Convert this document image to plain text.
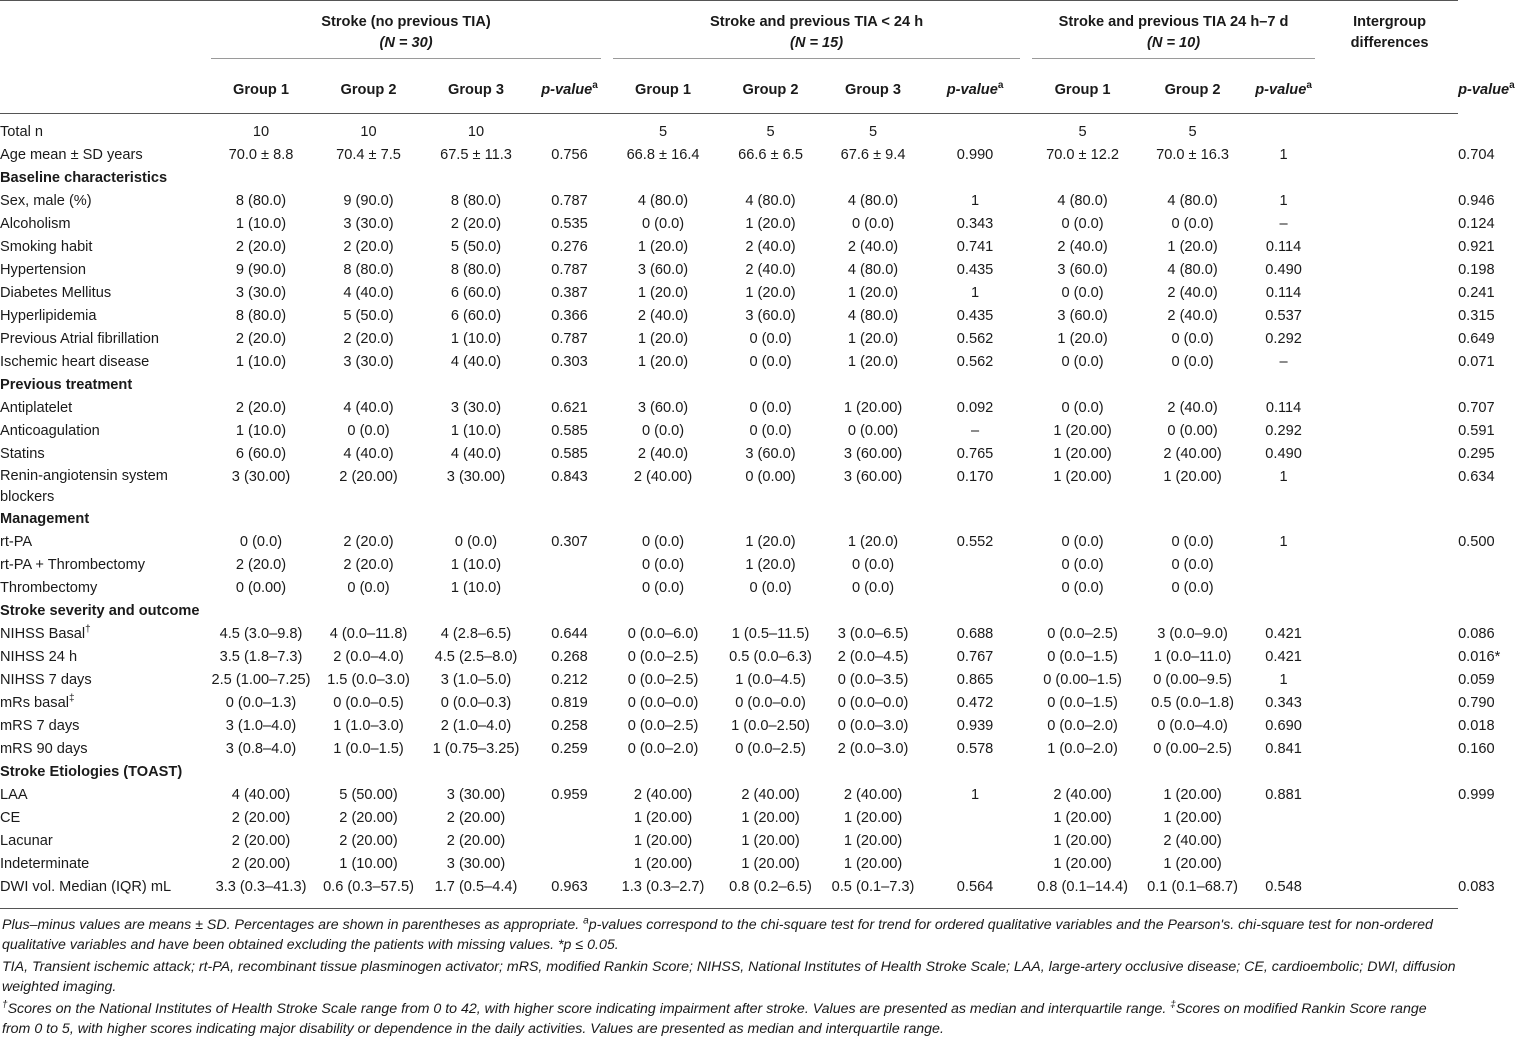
	Stroke (no previous TIA)
(N = 30)				Stroke and previous TIA < 24 h
(N = 15)				Stroke and previous TIA 24 h–7 d
(N = 10)			Intergroup
differences	
	Group 1	Group 2	Group 3	p-value$^a$	Group 1	Group 2	Group 3	p-value$^a$	Group 1	Group 2	p-value$^a$		p-value$^a$
Total n	10	10	10		5	5	5		5	5			
Age mean ± SD years	70.0 ± 8.8	70.4 ± 7.5	67.5 ± 11.3	0.756	66.8 ± 16.4	66.6 ± 6.5	67.6 ± 9.4	0.990	70.0 ± 12.2	70.0 ± 16.3	1		0.704
Baseline characteristics													
Sex, male (%)	8 (80.0)	9 (90.0)	8 (80.0)	0.787	4 (80.0)	4 (80.0)	4 (80.0)	1	4 (80.0)	4 (80.0)	1		0.946
Alcoholism	1 (10.0)	3 (30.0)	2 (20.0)	0.535	0 (0.0)	1 (20.0)	0 (0.0)	0.343	0 (0.0)	0 (0.0)	–		0.124
Smoking habit	2 (20.0)	2 (20.0)	5 (50.0)	0.276	1 (20.0)	2 (40.0)	2 (40.0)	0.741	2 (40.0)	1 (20.0)	0.114		0.921
Hypertension	9 (90.0)	8 (80.0)	8 (80.0)	0.787	3 (60.0)	2 (40.0)	4 (80.0)	0.435	3 (60.0)	4 (80.0)	0.490		0.198
Diabetes Mellitus	3 (30.0)	4 (40.0)	6 (60.0)	0.387	1 (20.0)	1 (20.0)	1 (20.0)	1	0 (0.0)	2 (40.0)	0.114		0.241
Hyperlipidemia	8 (80.0)	5 (50.0)	6 (60.0)	0.366	2 (40.0)	3 (60.0)	4 (80.0)	0.435	3 (60.0)	2 (40.0)	0.537		0.315
Previous Atrial fibrillation	2 (20.0)	2 (20.0)	1 (10.0)	0.787	1 (20.0)	0 (0.0)	1 (20.0)	0.562	1 (20.0)	0 (0.0)	0.292		0.649
Ischemic heart disease	1 (10.0)	3 (30.0)	4 (40.0)	0.303	1 (20.0)	0 (0.0)	1 (20.0)	0.562	0 (0.0)	0 (0.0)	–		0.071
Previous treatment													
Antiplatelet	2 (20.0)	4 (40.0)	3 (30.0)	0.621	3 (60.0)	0 (0.0)	1 (20.00)	0.092	0 (0.0)	2 (40.0)	0.114		0.707
Anticoagulation	1 (10.0)	0 (0.0)	1 (10.0)	0.585	0 (0.0)	0 (0.0)	0 (0.00)	–	1 (20.00)	0 (0.00)	0.292		0.591
Statins	6 (60.0)	4 (40.0)	4 (40.0)	0.585	2 (40.0)	3 (60.0)	3 (60.00)	0.765	1 (20.00)	2 (40.00)	0.490		0.295
Renin-angiotensin system blockers	3 (30.00)	2 (20.00)	3 (30.00)	0.843	2 (40.00)	0 (0.00)	3 (60.00)	0.170	1 (20.00)	1 (20.00)	1		0.634
Management													
rt-PA	0 (0.0)	2 (20.0)	0 (0.0)	0.307	0 (0.0)	1 (20.0)	1 (20.0)	0.552	0 (0.0)	0 (0.0)	1		0.500
rt-PA + Thrombectomy	2 (20.0)	2 (20.0)	1 (10.0)		0 (0.0)	1 (20.0)	0 (0.0)		0 (0.0)	0 (0.0)			
Thrombectomy	0 (0.00)	0 (0.0)	1 (10.0)		0 (0.0)	0 (0.0)	0 (0.0)		0 (0.0)	0 (0.0)			
Stroke severity and outcome													
NIHSS Basal†	4.5 (3.0–9.8)	4 (0.0–11.8)	4 (2.8–6.5)	0.644	0 (0.0–6.0)	1 (0.5–11.5)	3 (0.0–6.5)	0.688	0 (0.0–2.5)	3 (0.0–9.0)	0.421		0.086
NIHSS 24 h	3.5 (1.8–7.3)	2 (0.0–4.0)	4.5 (2.5–8.0)	0.268	0 (0.0–2.5)	0.5 (0.0–6.3)	2 (0.0–4.5)	0.767	0 (0.0–1.5)	1 (0.0–11.0)	0.421		0.016*
NIHSS 7 days	2.5 (1.00–7.25)	1.5 (0.0–3.0)	3 (1.0–5.0)	0.212	0 (0.0–2.5)	1 (0.0–4.5)	0 (0.0–3.5)	0.865	0 (0.00–1.5)	0 (0.00–9.5)	1		0.059
mRs basal‡	0 (0.0–1.3)	0 (0.0–0.5)	0 (0.0–0.3)	0.819	0 (0.0–0.0)	0 (0.0–0.0)	0 (0.0–0.0)	0.472	0 (0.0–1.5)	0.5 (0.0–1.8)	0.343		0.790
mRS 7 days	3 (1.0–4.0)	1 (1.0–3.0)	2 (1.0–4.0)	0.258	0 (0.0–2.5)	1 (0.0–2.50)	0 (0.0–3.0)	0.939	0 (0.0–2.0)	0 (0.0–4.0)	0.690		0.018
mRS 90 days	3 (0.8–4.0)	1 (0.0–1.5)	1 (0.75–3.25)	0.259	0 (0.0–2.0)	0 (0.0–2.5)	2 (0.0–3.0)	0.578	1 (0.0–2.0)	0 (0.00–2.5)	0.841		0.160
Stroke Etiologies (TOAST)													
LAA	4 (40.00)	5 (50.00)	3 (30.00)	0.959	2 (40.00)	2 (40.00)	2 (40.00)	1	2 (40.00)	1 (20.00)	0.881		0.999
CE	2 (20.00)	2 (20.00)	2 (20.00)		1 (20.00)	1 (20.00)	1 (20.00)		1 (20.00)	1 (20.00)			
Lacunar	2 (20.00)	2 (20.00)	2 (20.00)		1 (20.00)	1 (20.00)	1 (20.00)		1 (20.00)	2 (40.00)			
Indeterminate	2 (20.00)	1 (10.00)	3 (30.00)		1 (20.00)	1 (20.00)	1 (20.00)		1 (20.00)	1 (20.00)			
DWI vol. Median (IQR) mL	3.3 (0.3–41.3)	0.6 (0.3–57.5)	1.7 (0.5–4.4)	0.963	1.3 (0.3–2.7)	0.8 (0.2–6.5)	0.5 (0.1–7.3)	0.564	0.8 (0.1–14.4)	0.1 (0.1–68.7)	0.548		0.083

Plus–minus values are means ± SD. Percentages are shown in parentheses as appropriate. $^a$p-values correspond to the chi-square test for trend for ordered qualitative variables and the Pearson's. chi-square test for non-ordered qualitative variables and have been obtained excluding the patients with missing values. *p ≤ 0.05.

TIA, Transient ischemic attack; rt-PA, recombinant tissue plasminogen activator; mRS, modified Rankin Score; NIHSS, National Institutes of Health Stroke Scale; LAA, large-artery occlusive disease; CE, cardioembolic; DWI, diffusion weighted imaging.

†Scores on the National Institutes of Health Stroke Scale range from 0 to 42, with higher score indicating impairment after stroke. Values are presented as median and interquartile range. ‡Scores on modified Rankin Score range from 0 to 5, with higher scores indicating major disability or dependence in the daily activities. Values are presented as median and interquartile range.
